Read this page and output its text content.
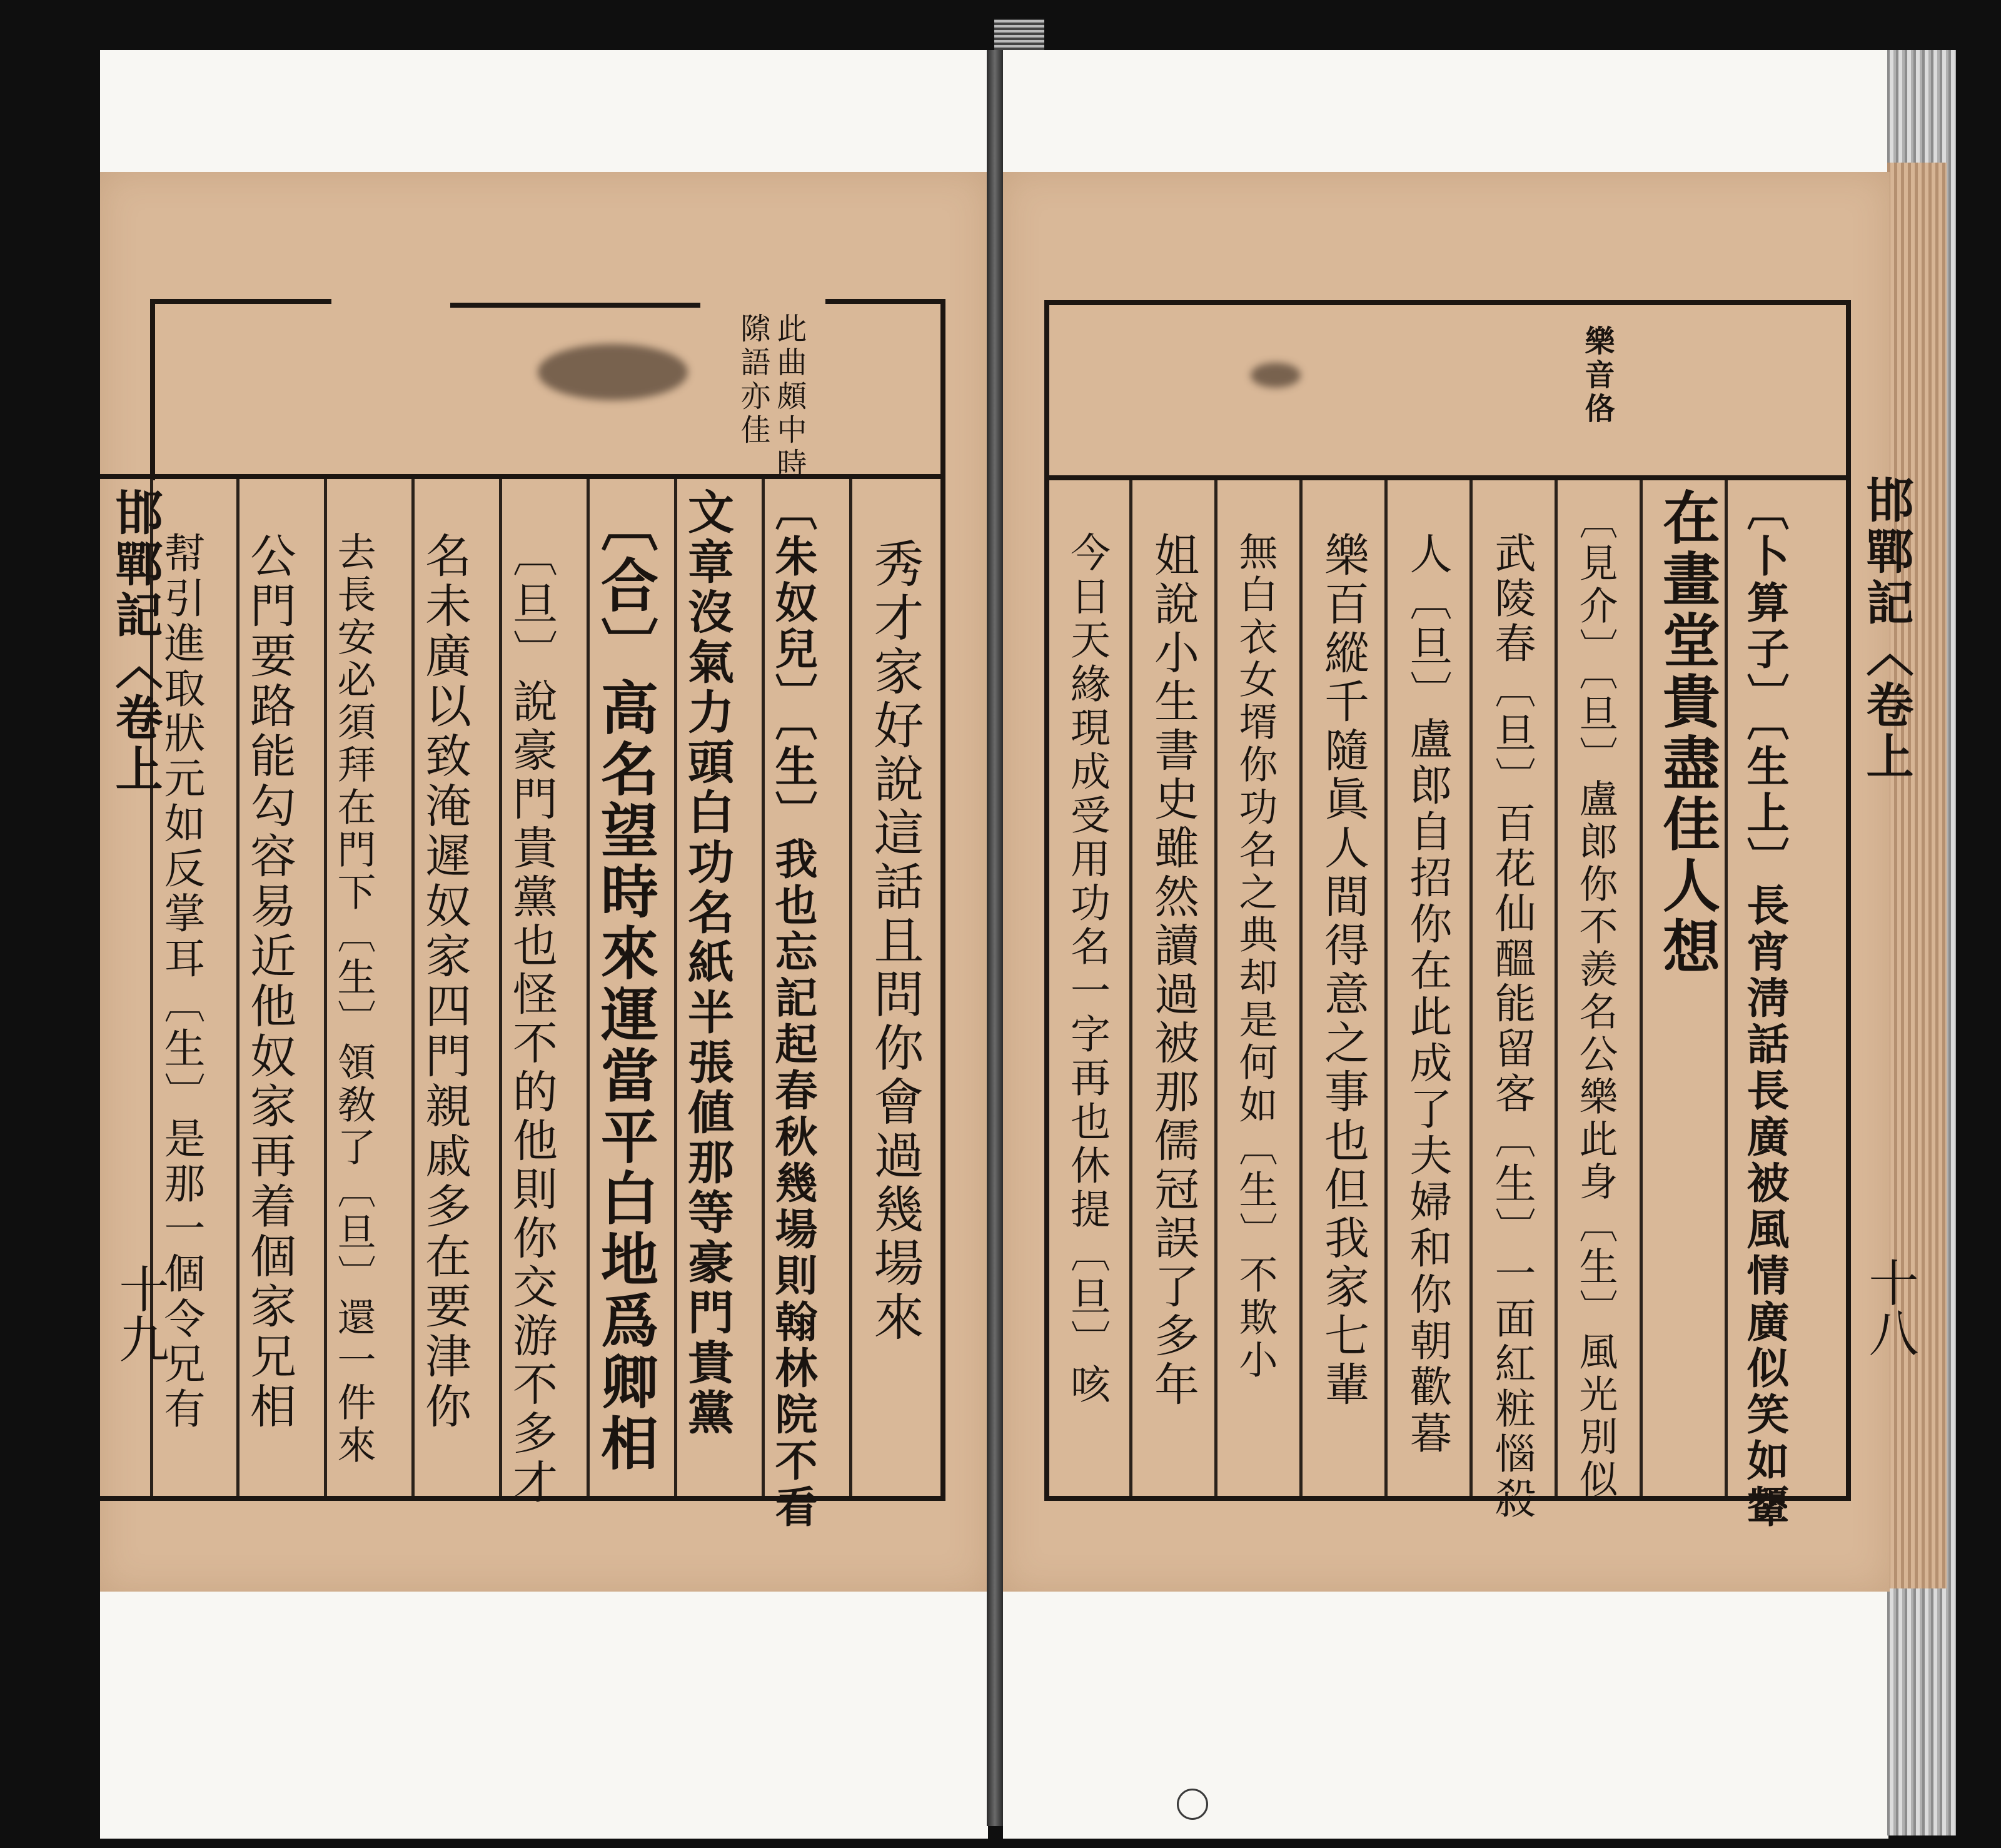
此曲頗中時
𨻶語亦佳
邯鄲記〈卷上
十九	秀才家好說這話且問你會過幾場來
〔朱奴兒〕〔生〕我也忘記起春秋幾場則翰林院不看
文章沒氣力頭白功名紙半張値那等豪門貴黨
〔合〕高名望時來運當平白地爲卿相
〔旦〕說豪門貴黨也怪不的他則你交游不多才
名未廣以致淹遲奴家四門親戚多在要津你
去長安必須拜在門下〔生〕領敎了〔旦〕還一件來
公門要路能勾容易近他奴家再着個家兄相
幇引進取狀元如反掌耳〔生〕是那一個令兄有
樂音佫
邯鄲記〈卷上
十八
〔卜算子〕〔生上〕長宵淸話長廣被風情廣似笑如顰
在畫堂貴盡佳人想
〔見介〕〔旦〕盧郎你不羨名公樂此身〔生〕風光別似
武陵春〔旦〕百花仙醞能留客〔生〕一面紅粧惱殺
人〔旦〕盧郎自招你在此成了夫婦和你朝歡暮
樂百縱千隨眞人間得意之事也但我家七輩
無白衣女壻你功名之典却是何如〔生〕不欺小
姐說小生書史雖然讀過被那儒冠誤了多年
今日天緣現成受用功名一字再也休提〔旦〕咳
